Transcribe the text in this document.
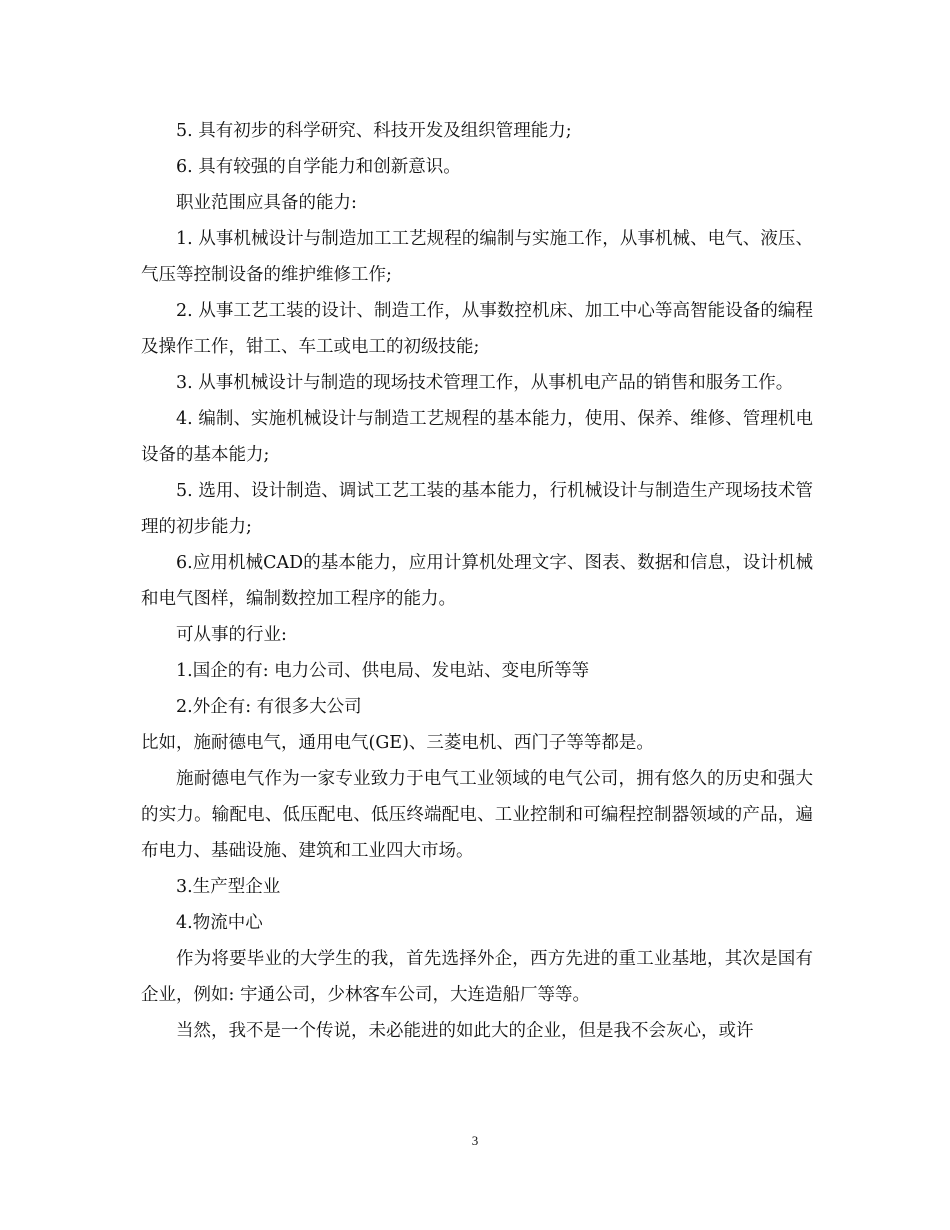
5. 具有初步的科学研究、科技开发及组织管理能力;

6. 具有较强的自学能力和创新意识。

职业范围应具备的能力:

1. 从事机械设计与制造加工工艺规程的编制与实施工作，从事机械、电气、液压、气压等控制设备的维护维修工作;

2. 从事工艺工装的设计、制造工作，从事数控机床、加工中心等高智能设备的编程及操作工作，钳工、车工或电工的初级技能;

3. 从事机械设计与制造的现场技术管理工作，从事机电产品的销售和服务工作。

4. 编制、实施机械设计与制造工艺规程的基本能力，使用、保养、维修、管理机电设备的基本能力;

5. 选用、设计制造、调试工艺工装的基本能力，行机械设计与制造生产现场技术管理的初步能力;

6.应用机械CAD的基本能力，应用计算机处理文字、图表、数据和信息，设计机械和电气图样，编制数控加工程序的能力。

可从事的行业:

1.国企的有: 电力公司、供电局、发电站、变电所等等

2.外企有: 有很多大公司

比如，施耐德电气，通用电气(GE)、三菱电机、西门子等等都是。

施耐德电气作为一家专业致力于电气工业领域的电气公司，拥有悠久的历史和强大的实力。输配电、低压配电、低压终端配电、工业控制和可编程控制器领域的产品，遍布电力、基础设施、建筑和工业四大市场。

3.生产型企业

4.物流中心

作为将要毕业的大学生的我，首先选择外企，西方先进的重工业基地，其次是国有企业，例如: 宇通公司，少林客车公司，大连造船厂等等。

当然，我不是一个传说，未必能进的如此大的企业，但是我不会灰心，或许

3
